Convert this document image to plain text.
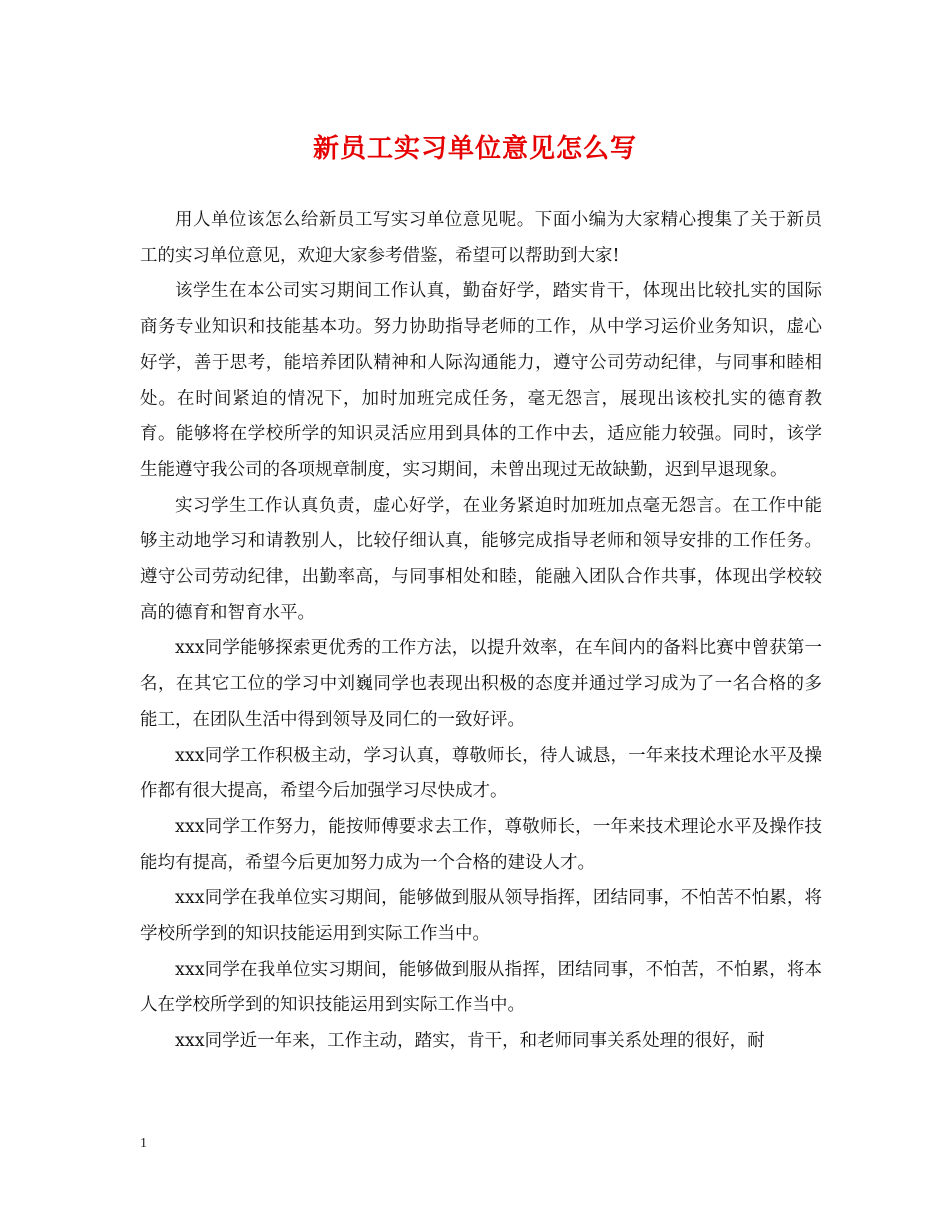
新员工实习单位意见怎么写

用人单位该怎么给新员工写实习单位意见呢。下面小编为大家精心搜集了关于新员工的实习单位意见，欢迎大家参考借鉴，希望可以帮助到大家!

该学生在本公司实习期间工作认真，勤奋好学，踏实肯干，体现出比较扎实的国际商务专业知识和技能基本功。努力协助指导老师的工作，从中学习运价业务知识，虚心好学，善于思考，能培养团队精神和人际沟通能力，遵守公司劳动纪律，与同事和睦相处。在时间紧迫的情况下，加时加班完成任务，毫无怨言，展现出该校扎实的德育教育。能够将在学校所学的知识灵活应用到具体的工作中去，适应能力较强。同时，该学生能遵守我公司的各项规章制度，实习期间，未曾出现过无故缺勤，迟到早退现象。

实习学生工作认真负责，虚心好学，在业务紧迫时加班加点毫无怨言。在工作中能够主动地学习和请教别人，比较仔细认真，能够完成指导老师和领导安排的工作任务。遵守公司劳动纪律，出勤率高，与同事相处和睦，能融入团队合作共事，体现出学校较高的德育和智育水平。

xxx同学能够探索更优秀的工作方法，以提升效率，在车间内的备料比赛中曾获第一名，在其它工位的学习中刘巍同学也表现出积极的态度并通过学习成为了一名合格的多能工，在团队生活中得到领导及同仁的一致好评。

xxx同学工作积极主动，学习认真，尊敬师长，待人诚恳，一年来技术理论水平及操作都有很大提高，希望今后加强学习尽快成才。

xxx同学工作努力，能按师傅要求去工作，尊敬师长，一年来技术理论水平及操作技能均有提高，希望今后更加努力成为一个合格的建设人才。

xxx同学在我单位实习期间，能够做到服从领导指挥，团结同事，不怕苦不怕累，将学校所学到的知识技能运用到实际工作当中。

xxx同学在我单位实习期间，能够做到服从指挥，团结同事，不怕苦，不怕累，将本人在学校所学到的知识技能运用到实际工作当中。

xxx同学近一年来，工作主动，踏实，肯干，和老师同事关系处理的很好，耐

1
